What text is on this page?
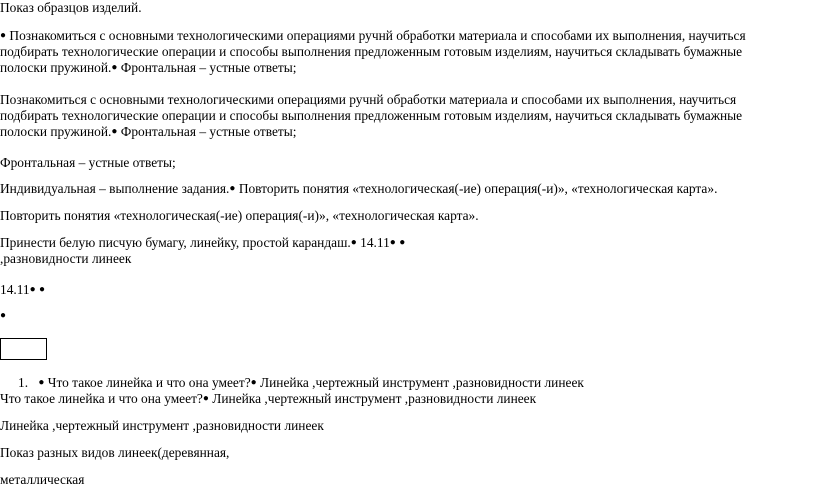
Показ образцов изделий.

● Познакомиться с основными технологическими операциями ручнй обработки материала и способами их выполнения, научиться подбирать технологические операции и способы выполнения предложенным готовым изделиям, научиться складывать бумажные полоски пружиной.● Фронтальная – устные ответы;

Познакомиться с основными технологическими операциями ручнй обработки материала и способами их выполнения, научиться подбирать технологические операции и способы выполнения предложенным готовым изделиям, научиться складывать бумажные полоски пружиной.● Фронтальная – устные ответы;

Фронтальная – устные ответы;

Индивидуальная – выполнение задания.● Повторить понятия «технологическая(-ие) операция(-и)», «технологическая карта».

Повторить понятия «технологическая(-ие) операция(-и)», «технологическая карта».

Принести белую писчую бумагу, линейку, простой карандаш.● 14.11● ●
,разновидности линеек

14.11● ●

●

1. ● Что такое линейка и что она умеет?● Линейка ,чертежный инструмент ,разновидности линеек

Что такое линейка и что она умеет?● Линейка ,чертежный инструмент ,разновидности линеек

Линейка ,чертежный инструмент ,разновидности линеек

Показ разных видов линеек(деревянная,

металлическая
